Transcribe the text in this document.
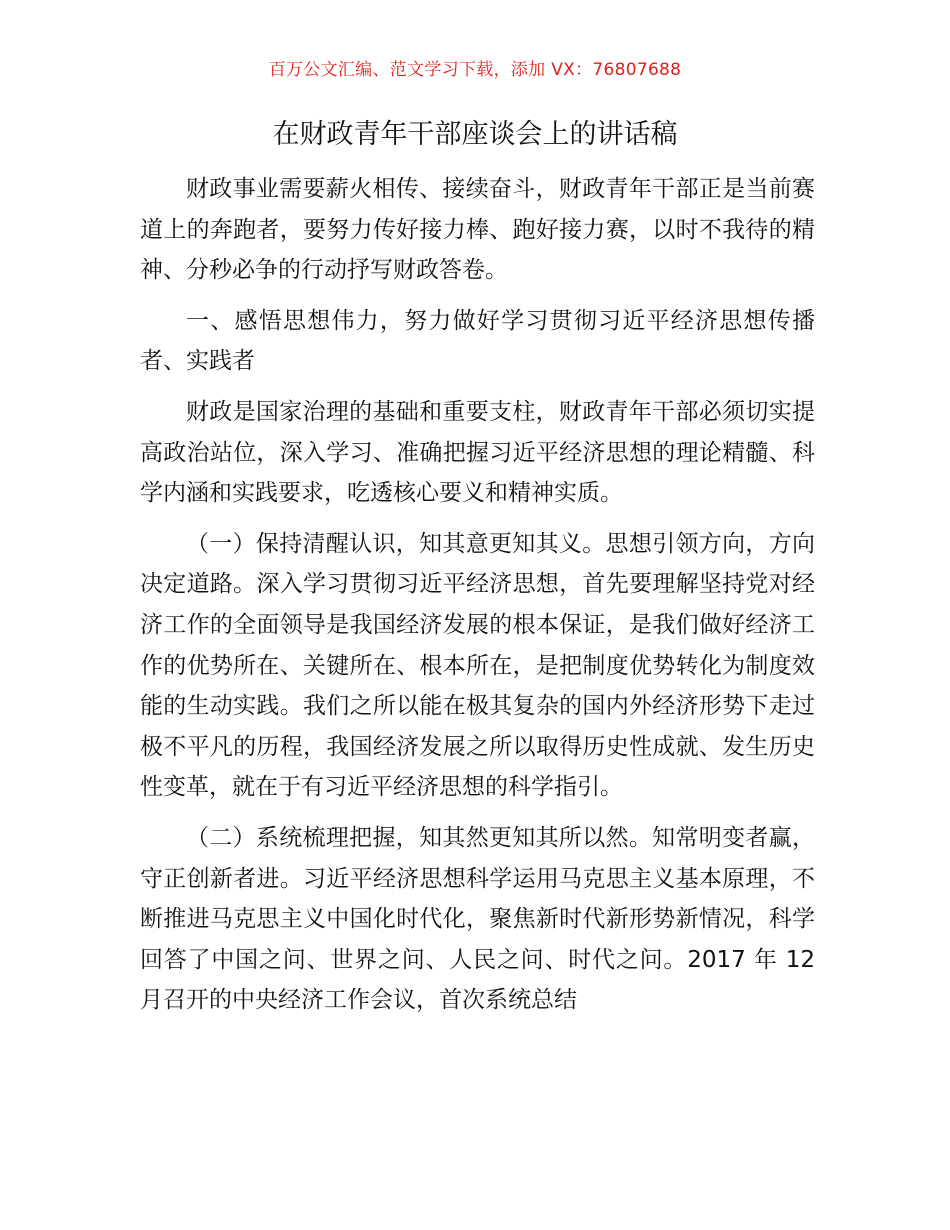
百万公文汇编、范文学习下载，添加 VX：76807688
在财政青年干部座谈会上的讲话稿

财政事业需要薪火相传、接续奋斗，财政青年干部正是当前赛道上的奔跑者，要努力传好接力棒、跑好接力赛，以时不我待的精神、分秒必争的行动抒写财政答卷。

一、感悟思想伟力，努力做好学习贯彻习近平经济思想传播者、实践者

财政是国家治理的基础和重要支柱，财政青年干部必须切实提高政治站位，深入学习、准确把握习近平经济思想的理论精髓、科学内涵和实践要求，吃透核心要义和精神实质。

（一）保持清醒认识，知其意更知其义。思想引领方向，方向决定道路。深入学习贯彻习近平经济思想，首先要理解坚持党对经济工作的全面领导是我国经济发展的根本保证，是我们做好经济工作的优势所在、关键所在、根本所在，是把制度优势转化为制度效能的生动实践。我们之所以能在极其复杂的国内外经济形势下走过极不平凡的历程，我国经济发展之所以取得历史性成就、发生历史性变革，就在于有习近平经济思想的科学指引。

（二）系统梳理把握，知其然更知其所以然。知常明变者赢，守正创新者进。习近平经济思想科学运用马克思主义基本原理，不断推进马克思主义中国化时代化，聚焦新时代新形势新情况，科学回答了中国之问、世界之问、人民之问、时代之问。2017 年 12 月召开的中央经济工作会议，首次系统总结
